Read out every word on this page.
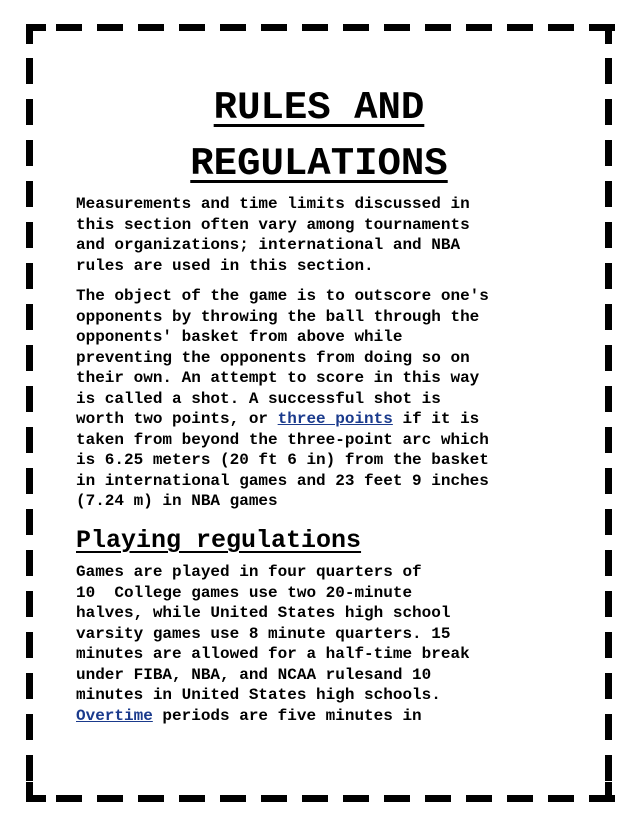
RULES AND
REGULATIONS

Measurements and time limits discussed in
this section often vary among tournaments
and organizations; international and NBA
rules are used in this section.

The object of the game is to outscore one's
opponents by throwing the ball through the
opponents' basket from above while
preventing the opponents from doing so on
their own. An attempt to score in this way
is called a shot. A successful shot is
worth two points, or three points if it is
taken from beyond the three-point arc which
is 6.25 meters (20 ft 6 in) from the basket
in international games and 23 feet 9 inches
(7.24 m) in NBA games

Playing regulations

Games are played in four quarters of
10  College games use two 20-minute
halves, while United States high school
varsity games use 8 minute quarters. 15
minutes are allowed for a half-time break
under FIBA, NBA, and NCAA rulesand 10
minutes in United States high schools.
Overtime periods are five minutes in
